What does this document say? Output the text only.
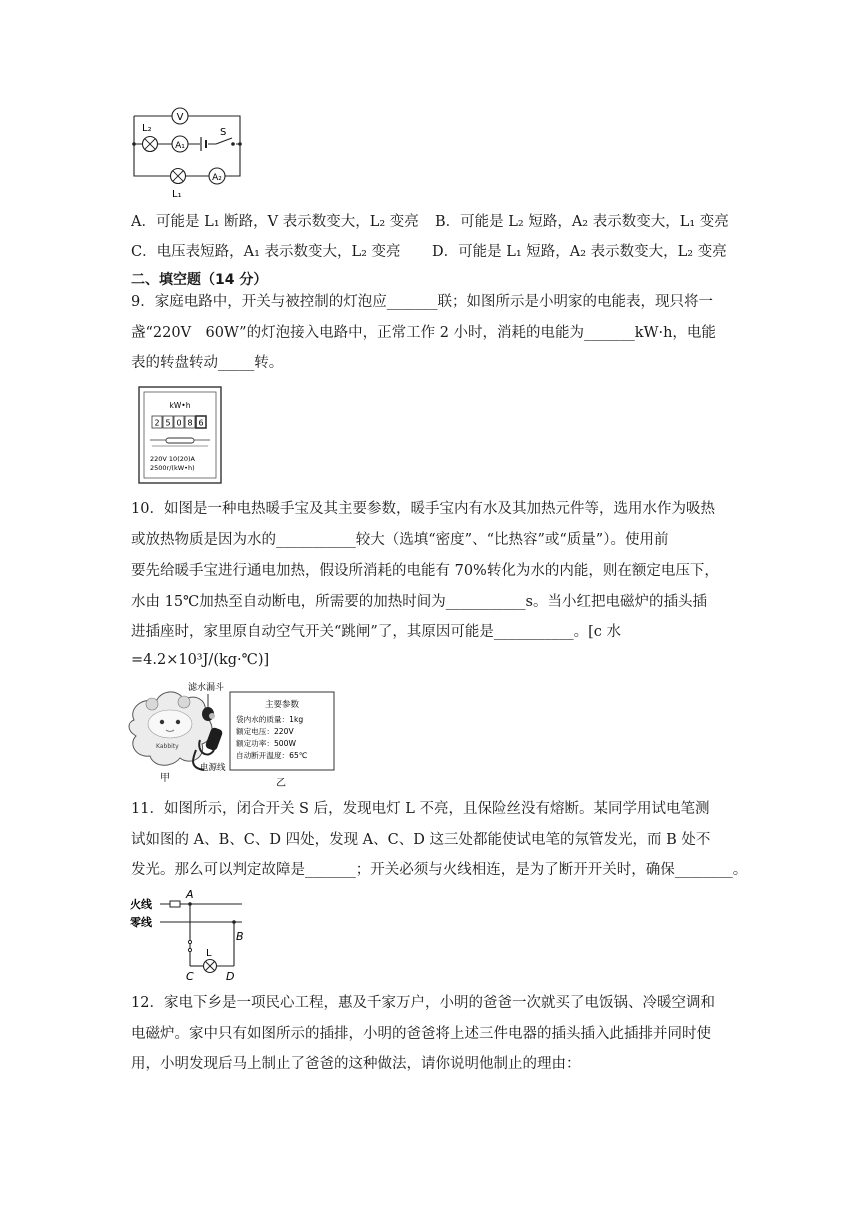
V
L₂
A₁
S
L₁
A₂
A．可能是 L₁ 断路，V 表示数变大，L₂ 变亮 B．可能是 L₂ 短路，A₂ 表示数变大，L₁ 变亮
C．电压表短路，A₁ 表示数变大，L₂ 变亮 D．可能是 L₁ 短路，A₂ 表示数变大，L₂ 变亮
二、填空题（14 分）
9．家庭电路中，开关与被控制的灯泡应_______联；如图所示是小明家的电能表，现只将一
盏“220V　60W”的灯泡接入电路中，正常工作 2 小时，消耗的电能为_______kW·h，电能
表的转盘转动_____转。
kW•h
2 5 0 8 6
220V 10(20)A
2500r/(kW•h)
10．如图是一种电热暖手宝及其主要参数，暖手宝内有水及其加热元件等，选用水作为吸热
或放热物质是因为水的___________较大（选填“密度”、“比热容”或“质量”）。使用前
要先给暖手宝进行通电加热，假设所消耗的电能有 70%转化为水的内能，则在额定电压下，
水由 15℃加热至自动断电，所需要的加热时间为___________s。当小红把电磁炉的插头插
进插座时，家里原自动空气开关“跳闸”了，其原因可能是___________。[c 水
=4.2×10³J/(kg·℃)]
Kabbity
滤水漏斗
甲
电源线
主要参数
袋内水的质量：1kg
额定电压：220V
额定功率：500W
自动断开温度：65℃
乙
11．如图所示，闭合开关 S 后，发现电灯 L 不亮，且保险丝没有熔断。某同学用试电笔测
试如图的 A、B、C、D 四处，发现 A、C、D 这三处都能使试电笔的氖管发光，而 B 处不
发光。那么可以判定故障是_______；开关必须与火线相连，是为了断开开关时，确保________。
火线
零线
L
A
B
C	D
12．家电下乡是一项民心工程，惠及千家万户，小明的爸爸一次就买了电饭锅、冷暖空调和
电磁炉。家中只有如图所示的插排，小明的爸爸将上述三件电器的插头插入此插排并同时使
用，小明发现后马上制止了爸爸的这种做法，请你说明他制止的理由：
